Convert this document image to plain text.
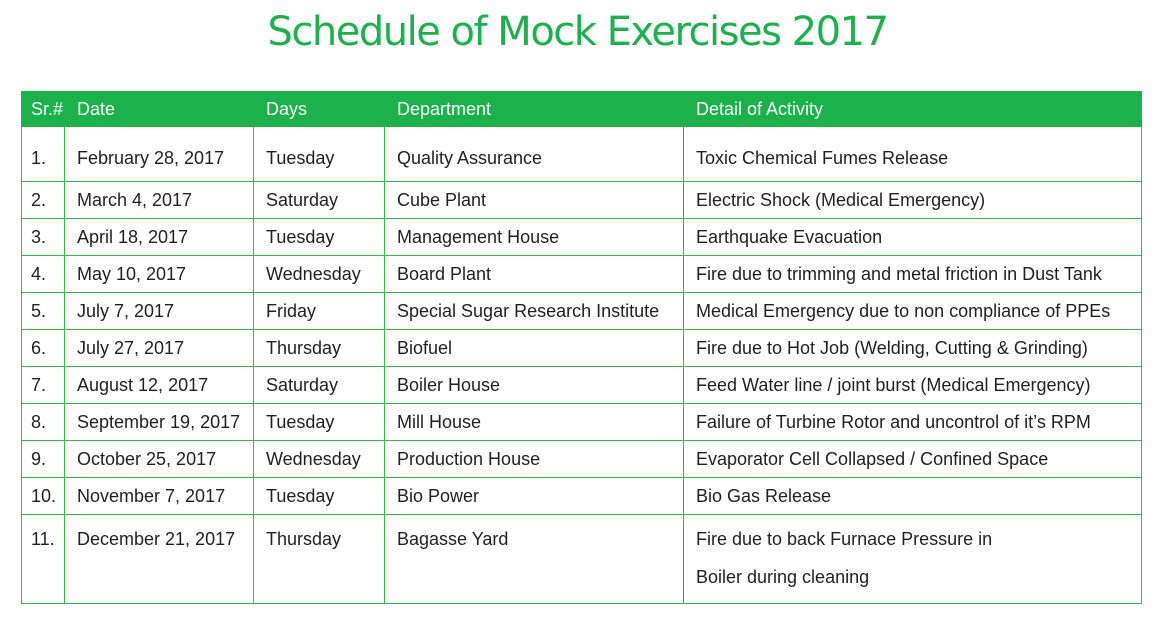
Schedule of Mock Exercises 2017
Sr.#	Date	Days	Department	Detail of Activity
1.	February 28, 2017	Tuesday	Quality Assurance	Toxic Chemical Fumes Release
2.	March 4, 2017	Saturday	Cube Plant	Electric Shock (Medical Emergency)
3.	April 18, 2017	Tuesday	Management House	Earthquake Evacuation
4.	May 10, 2017	Wednesday	Board Plant	Fire due to trimming and metal friction in Dust Tank
5.	July 7, 2017	Friday	Special Sugar Research Institute	Medical Emergency due to non compliance of PPEs
6.	July 27, 2017	Thursday	Biofuel	Fire due to Hot Job (Welding, Cutting & Grinding)
7.	August 12, 2017	Saturday	Boiler House	Feed Water line / joint burst (Medical Emergency)
8.	September 19, 2017	Tuesday	Mill House	Failure of Turbine Rotor and uncontrol of it’s RPM
9.	October 25, 2017	Wednesday	Production House	Evaporator Cell Collapsed / Confined Space
10.	November 7, 2017	Tuesday	Bio Power	Bio Gas Release
11.	December 21, 2017	Thursday	Bagasse Yard	Fire due to back Furnace Pressure in
Boiler during cleaning
